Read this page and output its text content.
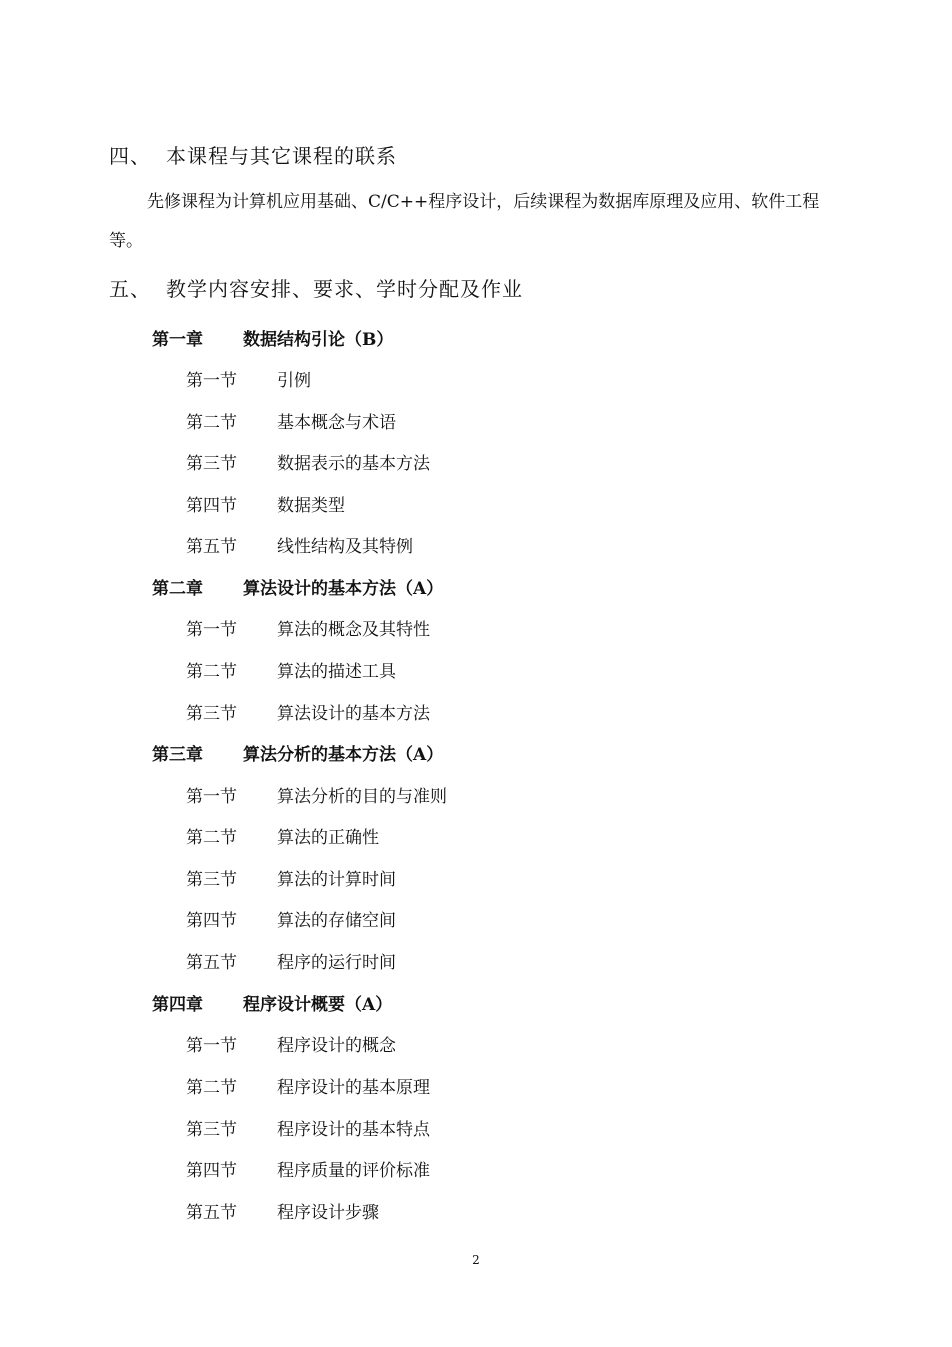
四、 本课程与其它课程的联系

先修课程为计算机应用基础、C/C++程序设计，后续课程为数据库原理及应用、软件工程等。

五、 教学内容安排、要求、学时分配及作业
第一章 数据结构引论（B）
第一节 引例
第二节 基本概念与术语
第三节 数据表示的基本方法
第四节 数据类型
第五节 线性结构及其特例
第二章 算法设计的基本方法（A）
第一节 算法的概念及其特性
第二节 算法的描述工具
第三节 算法设计的基本方法
第三章 算法分析的基本方法（A）
第一节 算法分析的目的与准则
第二节 算法的正确性
第三节 算法的计算时间
第四节 算法的存储空间
第五节 程序的运行时间
第四章 程序设计概要（A）
第一节 程序设计的概念
第二节 程序设计的基本原理
第三节 程序设计的基本特点
第四节 程序质量的评价标准
第五节 程序设计步骤
2
